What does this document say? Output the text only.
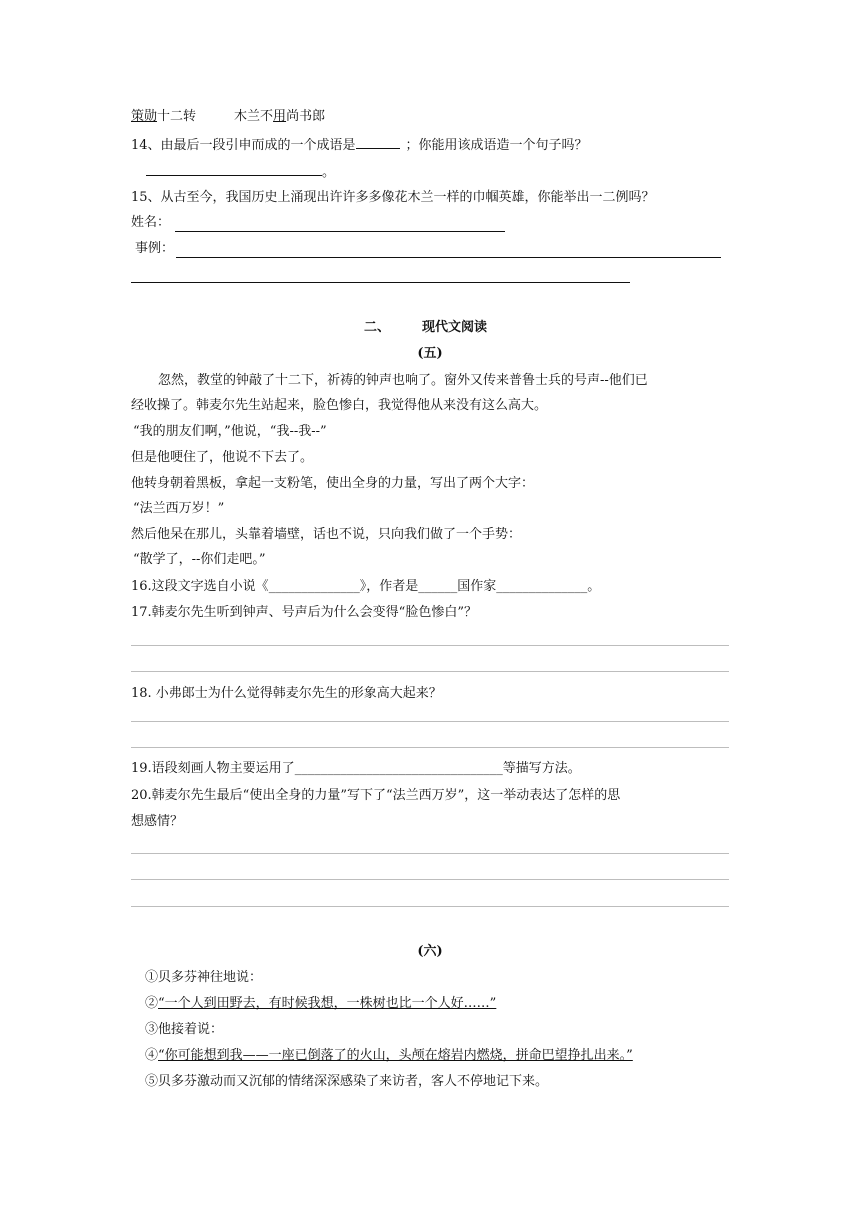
策勋十二转	木兰不用尚书郎
14、由最后一段引申而成的一个成语是	；你能用该成语造一个句子吗？
。
15、从古至今，我国历史上涌现出许许多多像花木兰一样的巾帼英雄，你能举出一二例吗？
姓名：
事例：
二、 现代文阅读
(五)
忽然，教堂的钟敲了十二下，祈祷的钟声也响了。窗外又传来普鲁士兵的号声--他们已
经收操了。韩麦尔先生站起来，脸色惨白，我觉得他从来没有这么高大。
“我的朋友们啊，”他说，“我--我--”
但是他哽住了，他说不下去了。
他转身朝着黑板，拿起一支粉笔，使出全身的力量，写出了两个大字：
“法兰西万岁！”
然后他呆在那儿，头靠着墙壁，话也不说，只向我们做了一个手势：
“散学了，--你们走吧。”
16.这段文字选自小说《______________》，作者是______国作家______________。
17.韩麦尔先生听到钟声、号声后为什么会变得“脸色惨白”？
18. 小弗郎士为什么觉得韩麦尔先生的形象高大起来？
19.语段刻画人物主要运用了________________________________等描写方法。
20.韩麦尔先生最后“使出全身的力量”写下了“法兰西万岁”，这一举动表达了怎样的思
想感情？
(六)
①贝多芬神往地说：
②“一个人到田野去，有时候我想，一株树也比一个人好……”
③他接着说：
④“你可能想到我——一座已倒落了的火山，头颅在熔岩内燃烧，拼命巴望挣扎出来。”
⑤贝多芬激动而又沉郁的情绪深深感染了来访者，客人不停地记下来。
